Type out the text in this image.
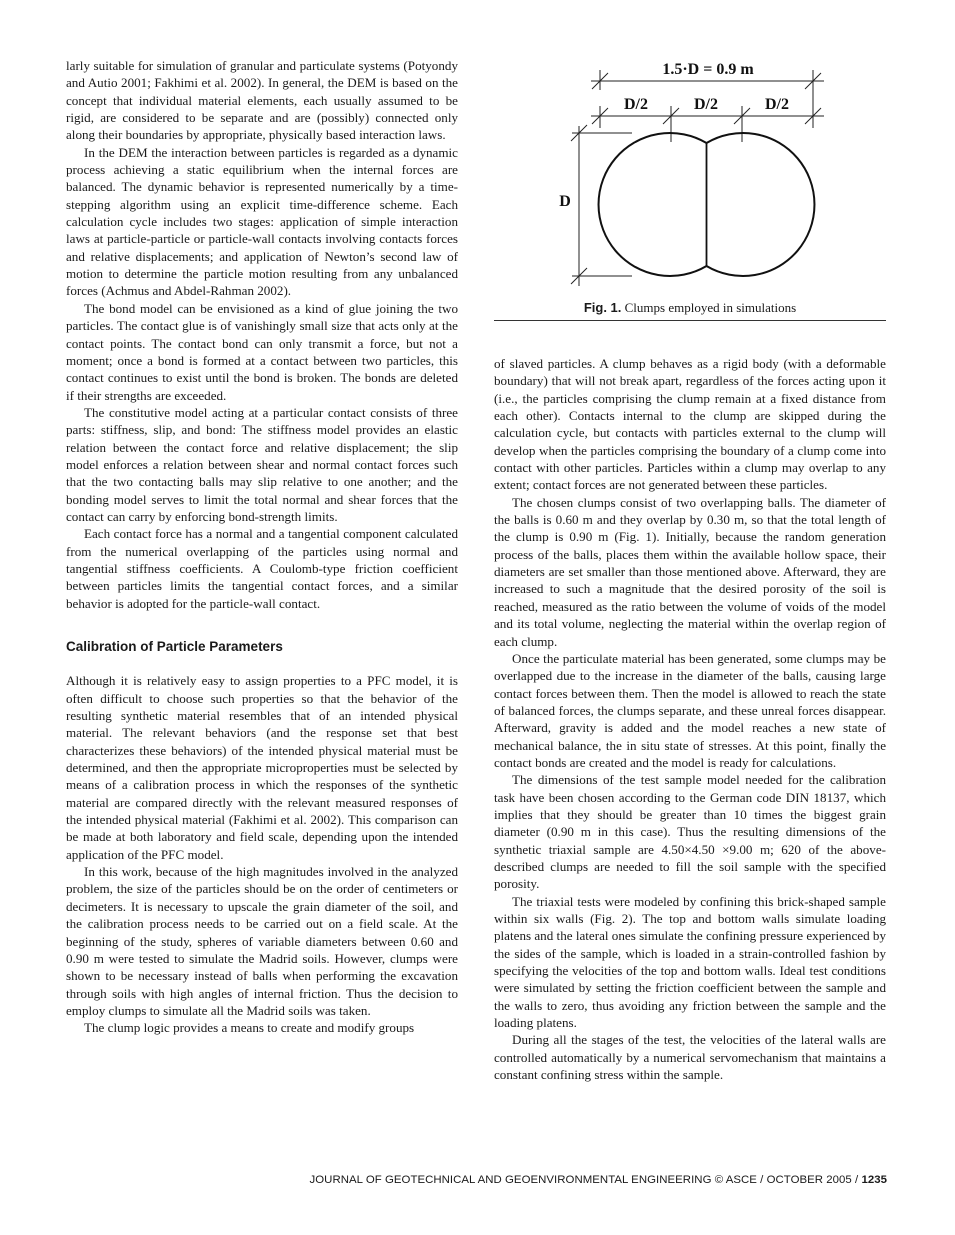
larly suitable for simulation of granular and particulate systems (Potyondy and Autio 2001; Fakhimi et al. 2002). In general, the DEM is based on the concept that individual material elements, each usually assumed to be rigid, are considered to be separate and are (possibly) connected only along their boundaries by appropriate, physically based interaction laws.

In the DEM the interaction between particles is regarded as a dynamic process achieving a static equilibrium when the internal forces are balanced. The dynamic behavior is represented numerically by a time-stepping algorithm using an explicit time-difference scheme. Each calculation cycle includes two stages: application of simple interaction laws at particle-particle or particle-wall contacts involving contacts forces and relative displacements; and application of Newton’s second law of motion to determine the particle motion resulting from any unbalanced forces (Achmus and Abdel-Rahman 2002).

The bond model can be envisioned as a kind of glue joining the two particles. The contact glue is of vanishingly small size that acts only at the contact points. The contact bond can only transmit a force, but not a moment; once a bond is formed at a contact between two particles, this contact continues to exist until the bond is broken. The bonds are deleted if their strengths are exceeded.

The constitutive model acting at a particular contact consists of three parts: stiffness, slip, and bond: The stiffness model provides an elastic relation between the contact force and relative displacement; the slip model enforces a relation between shear and normal contact forces such that the two contacting balls may slip relative to one another; and the bonding model serves to limit the total normal and shear forces that the contact can carry by enforcing bond-strength limits.

Each contact force has a normal and a tangential component calculated from the numerical overlapping of the particles using normal and tangential stiffness coefficients. A Coulomb-type friction coefficient between particles limits the tangential contact forces, and a similar behavior is adopted for the particle-wall contact.

Calibration of Particle Parameters

Although it is relatively easy to assign properties to a PFC model, it is often difficult to choose such properties so that the behavior of the resulting synthetic material resembles that of an intended physical material. The relevant behaviors (and the response set that best characterizes these behaviors) of the intended physical material must be determined, and then the appropriate microproperties must be selected by means of a calibration process in which the responses of the synthetic material are compared directly with the relevant measured responses of the intended physical material (Fakhimi et al. 2002). This comparison can be made at both laboratory and field scale, depending upon the intended application of the PFC model.

In this work, because of the high magnitudes involved in the analyzed problem, the size of the particles should be on the order of centimeters or decimeters. It is necessary to upscale the grain diameter of the soil, and the calibration process needs to be carried out on a field scale. At the beginning of the study, spheres of variable diameters between 0.60 and 0.90 m were tested to simulate the Madrid soils. However, clumps were shown to be necessary instead of balls when performing the excavation through soils with high angles of internal friction. Thus the decision to employ clumps to simulate all the Madrid soils was taken.

The clump logic provides a means to create and modify groups

1.5·D = 0.9 m
D/2	D/2	D/2
D
Fig. 1. Clumps employed in simulations

of slaved particles. A clump behaves as a rigid body (with a deformable boundary) that will not break apart, regardless of the forces acting upon it (i.e., the particles comprising the clump remain at a fixed distance from each other). Contacts internal to the clump are skipped during the calculation cycle, but contacts with particles external to the clump will develop when the particles comprising the boundary of a clump come into contact with other particles. Particles within a clump may overlap to any extent; contact forces are not generated between these particles.

The chosen clumps consist of two overlapping balls. The diameter of the balls is 0.60 m and they overlap by 0.30 m, so that the total length of the clump is 0.90 m (Fig. 1). Initially, because the random generation process of the balls, places them within the available hollow space, their diameters are set smaller than those mentioned above. Afterward, they are increased to such a magnitude that the desired porosity of the soil is reached, measured as the ratio between the volume of voids of the model and its total volume, neglecting the material within the overlap region of each clump.

Once the particulate material has been generated, some clumps may be overlapped due to the increase in the diameter of the balls, causing large contact forces between them. Then the model is allowed to reach the state of balanced forces, the clumps separate, and these unreal forces disappear. Afterward, gravity is added and the model reaches a new state of mechanical balance, the in situ state of stresses. At this point, finally the contact bonds are created and the model is ready for calculations.

The dimensions of the test sample model needed for the calibration task have been chosen according to the German code DIN 18137, which implies that they should be greater than 10 times the biggest grain diameter (0.90 m in this case). Thus the resulting dimensions of the synthetic triaxial sample are 4.50×4.50 ×9.00 m; 620 of the above-described clumps are needed to fill the soil sample with the specified porosity.

The triaxial tests were modeled by confining this brick-shaped sample within six walls (Fig. 2). The top and bottom walls simulate loading platens and the lateral ones simulate the confining pressure experienced by the sides of the sample, which is loaded in a strain-controlled fashion by specifying the velocities of the top and bottom walls. Ideal test conditions were simulated by setting the friction coefficient between the sample and the walls to zero, thus avoiding any friction between the sample and the loading platens.

During all the stages of the test, the velocities of the lateral walls are controlled automatically by a numerical servomechanism that maintains a constant confining stress within the sample.

JOURNAL OF GEOTECHNICAL AND GEOENVIRONMENTAL ENGINEERING © ASCE / OCTOBER 2005 / 1235
